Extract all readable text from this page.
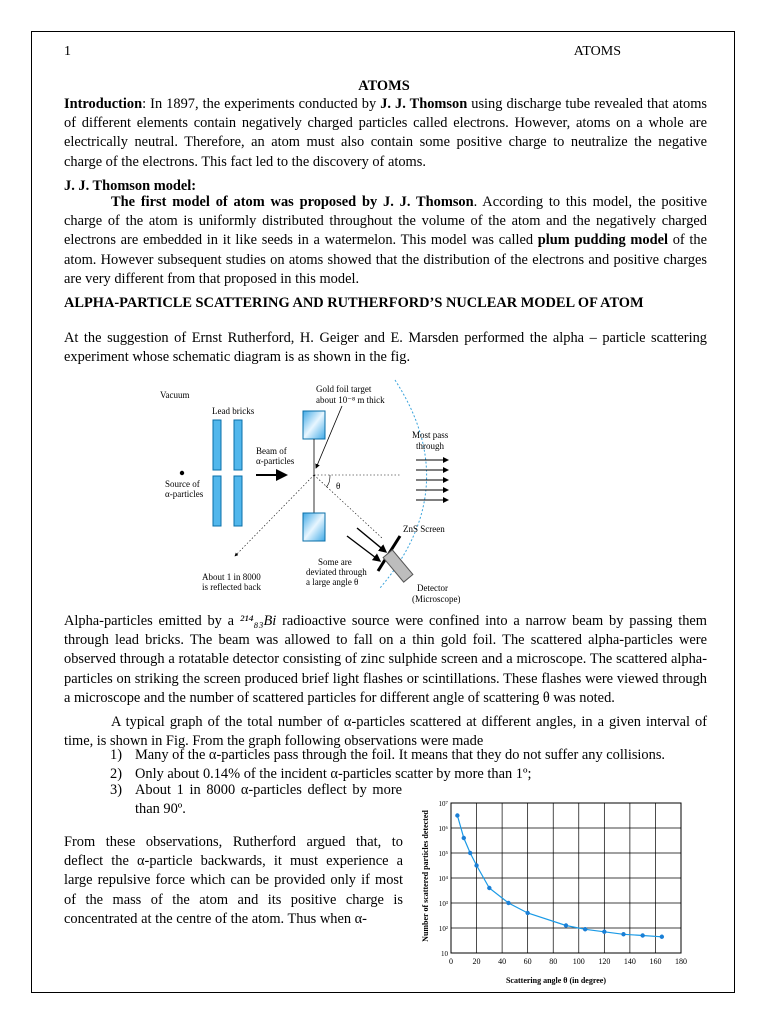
1	ATOMS
ATOMS

Introduction: In 1897, the experiments conducted by J. J. Thomson using discharge tube revealed that atoms of different elements contain negatively charged particles called electrons. However, atoms on a whole are electrically neutral. Therefore, an atom must also contain some positive charge to neutralize the negative charge of the electrons. This fact led to the discovery of atoms.

J. J. Thomson model:

The first model of atom was proposed by J. J. Thomson. According to this model, the positive charge of the atom is uniformly distributed throughout the volume of the atom and the negatively charged electrons are embedded in it like seeds in a watermelon. This model was called plum pudding model of the atom. However subsequent studies on atoms showed that the distribution of the electrons and positive charges are very different from that proposed in this model.

ALPHA-PARTICLE SCATTERING AND RUTHERFORD’S NUCLEAR MODEL OF ATOM

At the suggestion of Ernst Rutherford, H. Geiger and E. Marsden performed the alpha – particle scattering experiment whose schematic diagram is as shown in the fig.

Vacuum
Lead bricks
Source of
α-particles
Beam of
α-particles
Gold foil target
about 10⁻⁸ m thick
Most pass
through
θ
ZnS Screen
Some are
deviated through
a large angle θ
About 1 in 8000
is reflected back	Detector
(Microscope)

Alpha-particles emitted by a ²¹⁴₈₃Bi radioactive source were confined into a narrow beam by passing them through lead bricks. The beam was allowed to fall on a thin gold foil. The scattered alpha-particles were observed through a rotatable detector consisting of zinc sulphide screen and a microscope. The scattered alpha-particles on striking the screen produced brief light flashes or scintillations. These flashes were viewed through a microscope and the number of scattered particles for different angle of scattering θ was noted.

A typical graph of the total number of α-particles scattered at different angles, in a given interval of time, is shown in Fig. From the graph following observations were made

1) Many of the α-particles pass through the foil. It means that they do not suffer any collisions.
2) Only about 0.14% of the incident α-particles scatter by more than 1º;
3) About 1 in 8000 α-particles deflect by more than 90º.

From these observations, Rutherford argued that, to deflect the α-particle backwards, it must experience a large repulsive force which can be provided only if most of the mass of the atom and its positive charge is concentrated at the centre of the atom. Thus when α-

0 20 40 60 80 100 120 140 160 180
10
10²
10³
10⁴
10⁵
10⁶
10⁷
Scattering angle θ (in degree)
Number of scattered particles detected
